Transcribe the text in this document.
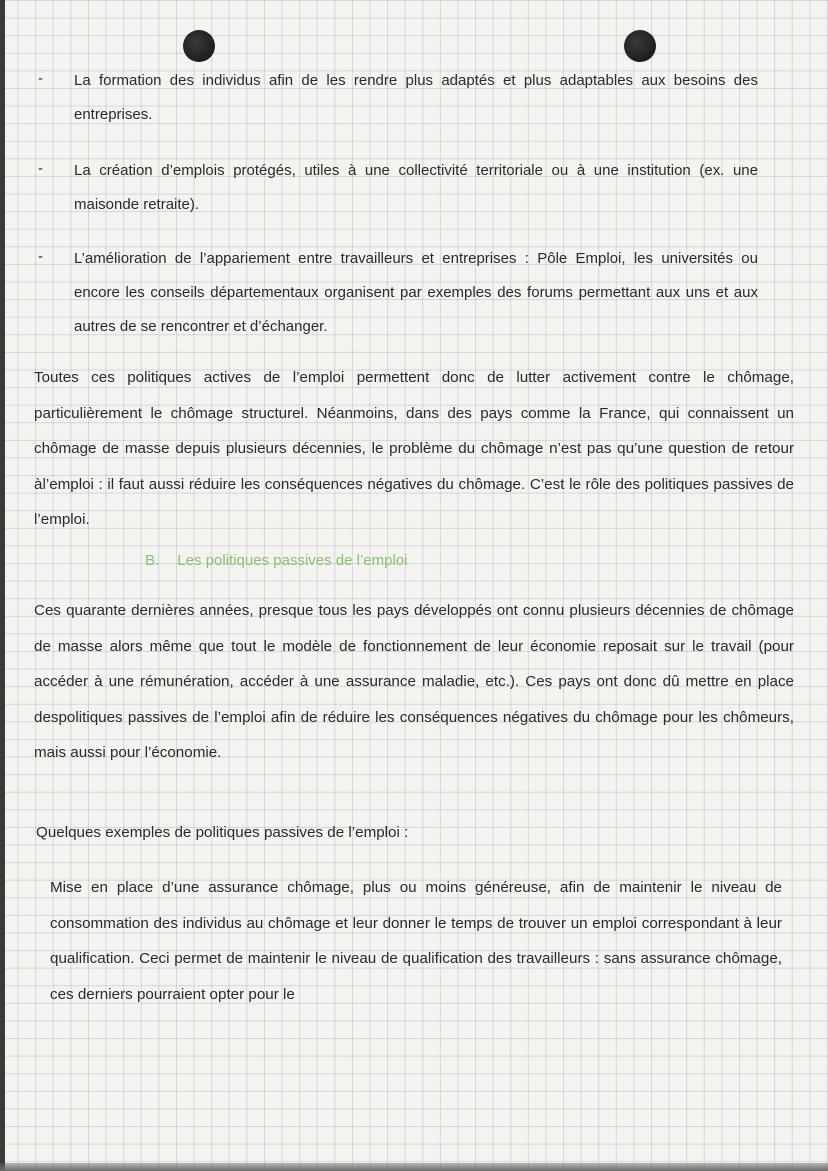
- La formation des individus afin de les rendre plus adaptés et plus adaptables aux besoins des entreprises.
- La création d’emplois protégés, utiles à une collectivité territoriale ou à une institution (ex. une maisonde retraite).
- L’amélioration de l’appariement entre travailleurs et entreprises : Pôle Emploi, les universités ou encore les conseils départementaux organisent par exemples des forums permettant aux uns et aux autres de se rencontrer et d’échanger.
Toutes ces politiques actives de l’emploi permettent donc de lutter activement contre le chômage, particulièrement le chômage structurel. Néanmoins, dans des pays comme la France, qui connaissent un chômage de masse depuis plusieurs décennies, le problème du chômage n’est pas qu’une question de retour àl’emploi : il faut aussi réduire les conséquences négatives du chômage. C’est le rôle des politiques passives de l’emploi.
B. Les politiques passives de l’emploi
Ces quarante dernières années, presque tous les pays développés ont connu plusieurs décennies de chômage de masse alors même que tout le modèle de fonctionnement de leur économie reposait sur le travail (pour accéder à une rémunération, accéder à une assurance maladie, etc.). Ces pays ont donc dû mettre en place despolitiques passives de l’emploi afin de réduire les conséquences négatives du chômage pour les chômeurs, mais aussi pour l’économie.
Quelques exemples de politiques passives de l’emploi :
Mise en place d’une assurance chômage, plus ou moins généreuse, afin de maintenir le niveau de consommation des individus au chômage et leur donner le temps de trouver un emploi correspondant à leur qualification. Ceci permet de maintenir le niveau de qualification des travailleurs : sans assurance chômage, ces derniers pourraient opter pour le
